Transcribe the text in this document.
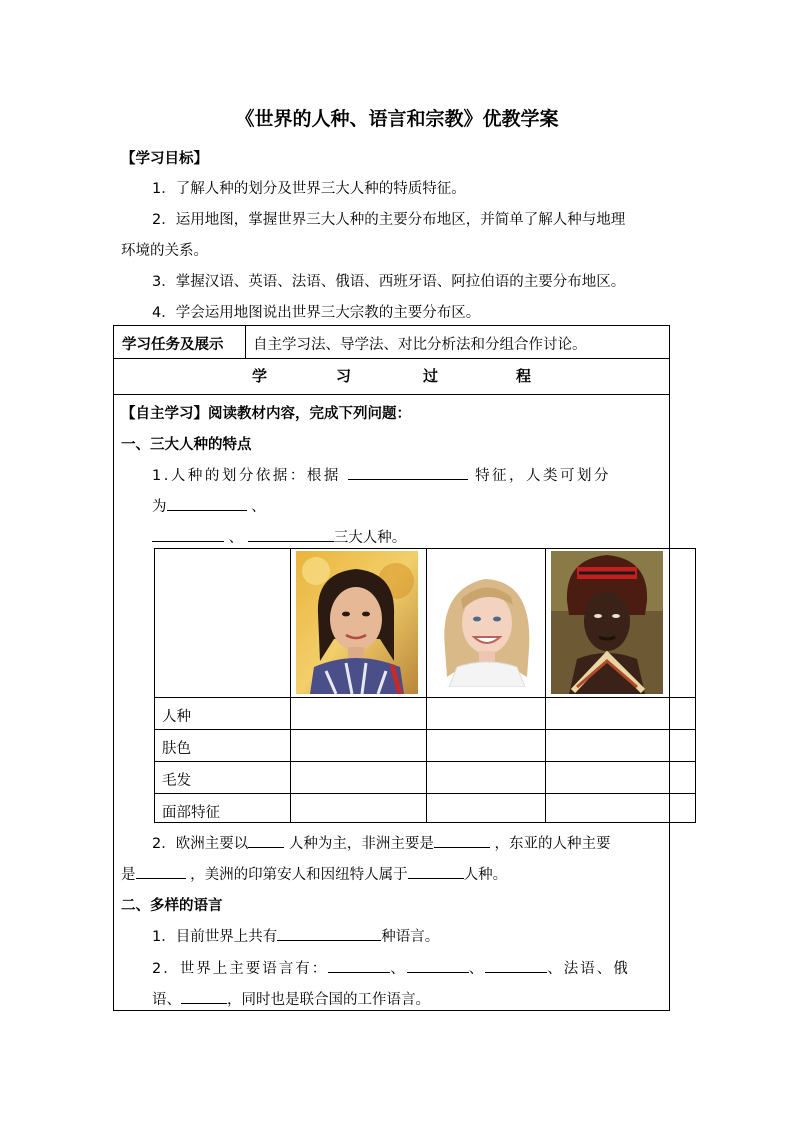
《世界的人种、语言和宗教》优教学案
【学习目标】
1．了解人种的划分及世界三大人种的特质特征。
2．运用地图，掌握世界三大人种的主要分布地区，并简单了解人种与地理
环境的关系。
3．掌握汉语、英语、法语、俄语、西班牙语、阿拉伯语的主要分布地区。
4．学会运用地图说出世界三大宗教的主要分布区。
学习任务及展示 自主学习法、导学法、对比分析法和分组合作讨论。
学	习	过	程
【自主学习】阅读教材内容，完成下列问题：
一、三大人种的特点
1.人种的划分依据：根据	特征，人类可划分
为	、
、	三大人种。
人种
肤色
毛发
面部特征
2．欧洲主要以	人种为主，非洲主要是	，东亚的人种主要
是	，美洲的印第安人和因纽特人属于	人种。
二、多样的语言
1．目前世界上共有	种语言。
2．世界上主要语言有：	、	、	、法语、俄
语、	，同时也是联合国的工作语言。
